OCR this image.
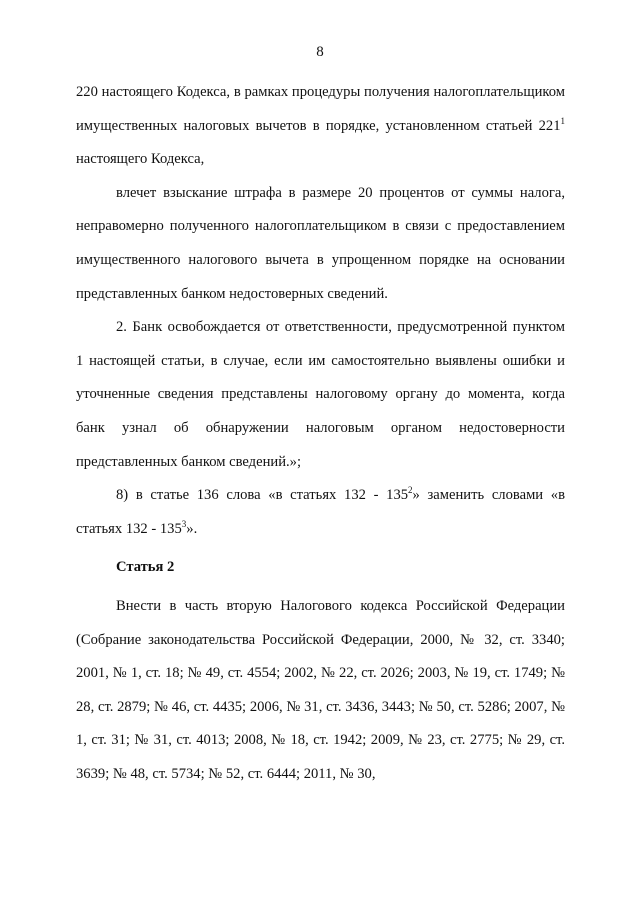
8

220 настоящего Кодекса, в рамках процедуры получения налогоплательщиком имущественных налоговых вычетов в порядке, установленном статьей $221^1$ настоящего Кодекса,

влечет взыскание штрафа в размере 20 процентов от суммы налога, неправомерно полученного налогоплательщиком в связи с предоставлением имущественного налогового вычета в упрощенном порядке на основании представленных банком недостоверных сведений.

2. Банк освобождается от ответственности, предусмотренной пунктом 1 настоящей статьи, в случае, если им самостоятельно выявлены ошибки и уточненные сведения представлены налоговому органу до момента, когда банк узнал об обнаружении налоговым органом недостоверности представленных банком сведений.»;

8) в статье 136 слова «в статьях $132 - 135^2$» заменить словами «в статьях $132 - 135^3$».

Статья 2

Внести в часть вторую Налогового кодекса Российской Федерации (Собрание законодательства Российской Федерации, 2000, № 32, ст. 3340; 2001, № 1, ст. 18; № 49, ст. 4554; 2002, № 22, ст. 2026; 2003, № 19, ст. 1749; № 28, ст. 2879; № 46, ст. 4435; 2006, № 31, ст. 3436, 3443; № 50, ст. 5286; 2007, № 1, ст. 31; № 31, ст. 4013; 2008, № 18, ст. 1942; 2009, № 23, ст. 2775; № 29, ст. 3639; № 48, ст. 5734; № 52, ст. 6444; 2011, № 30,
